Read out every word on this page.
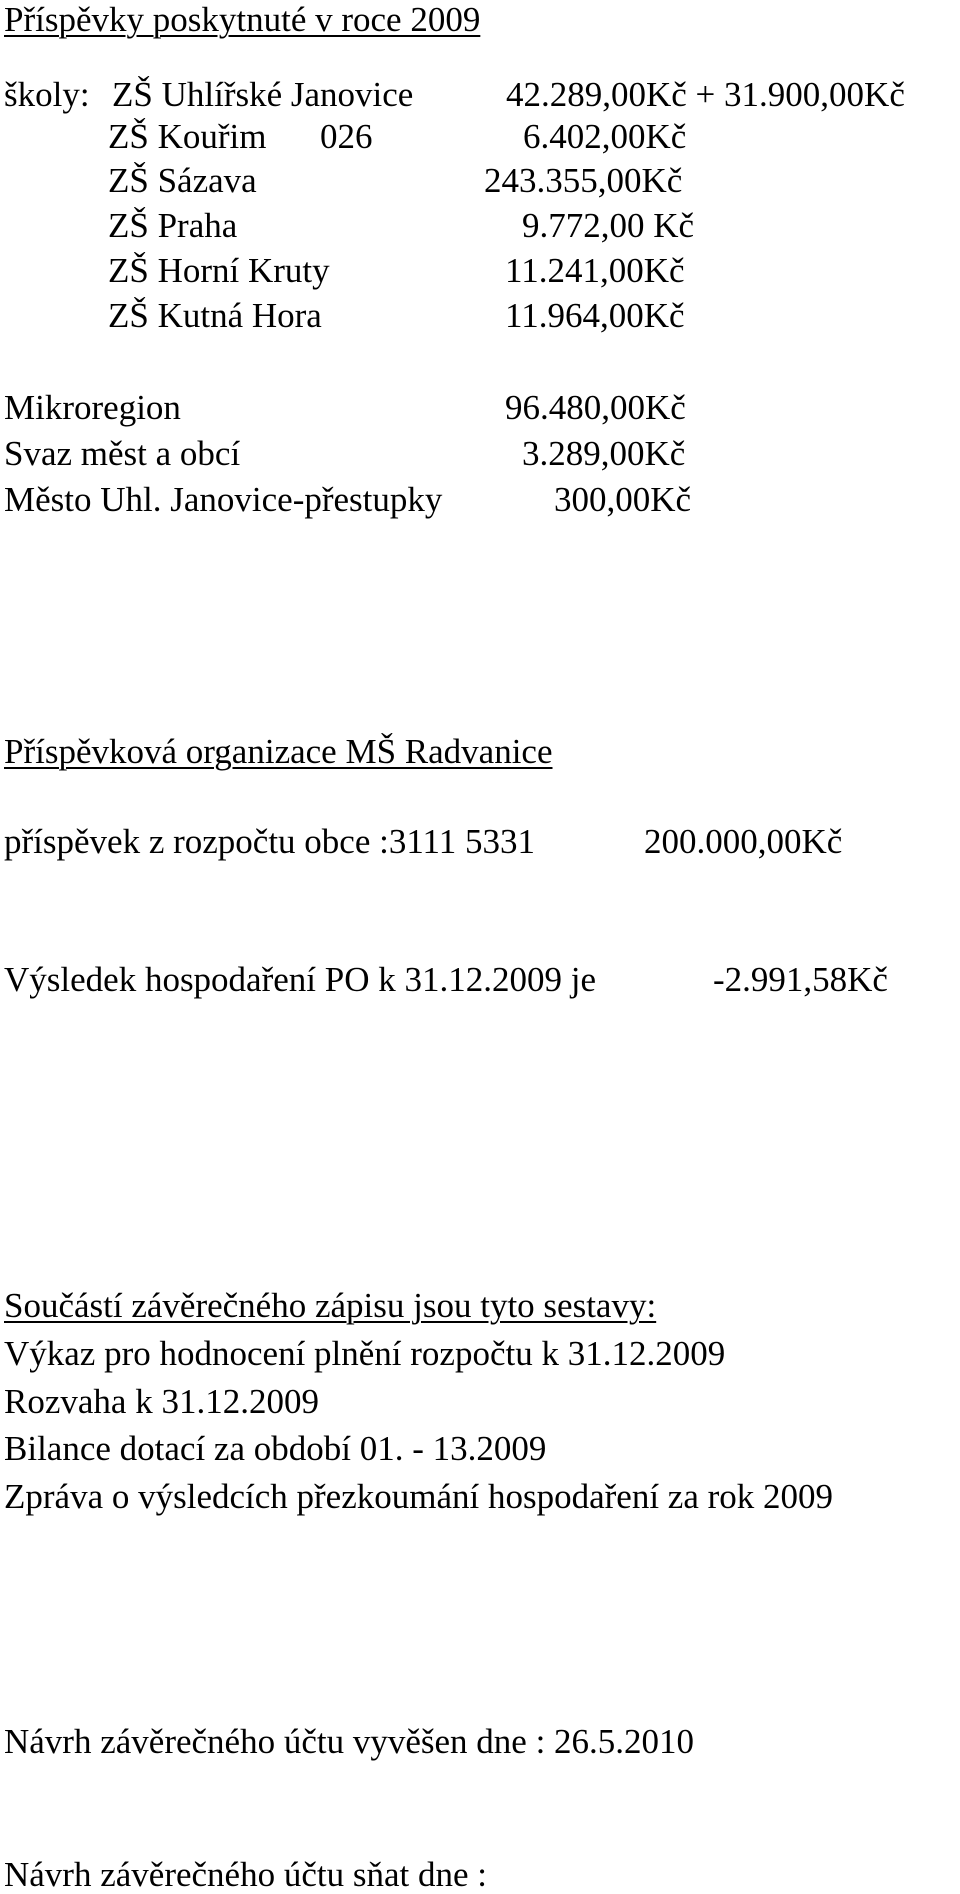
Příspěvky poskytnuté v roce 2009
školy: ZŠ Uhlířské Janovice	42.289,00Kč + 31.900,00Kč
ZŠ Kouřim 026	6.402,00Kč
ZŠ Sázava	243.355,00Kč
ZŠ Praha	9.772,00 Kč
ZŠ Horní Kruty	11.241,00Kč
ZŠ Kutná Hora	11.964,00Kč
Mikroregion	96.480,00Kč
Svaz měst a obcí	3.289,00Kč
Město Uhl. Janovice-přestupky	300,00Kč
Příspěvková organizace MŠ Radvanice
příspěvek z rozpočtu obce :3111 5331	200.000,00Kč
Výsledek hospodaření PO k 31.12.2009 je	-2.991,58Kč
Součástí závěrečného zápisu jsou tyto sestavy:
Výkaz pro hodnocení plnění rozpočtu k 31.12.2009
Rozvaha k 31.12.2009
Bilance dotací za období 01. - 13.2009
Zpráva o výsledcích přezkoumání hospodaření za rok 2009
Návrh závěrečného účtu vyvěšen dne : 26.5.2010
Návrh závěrečného účtu sňat dne :
